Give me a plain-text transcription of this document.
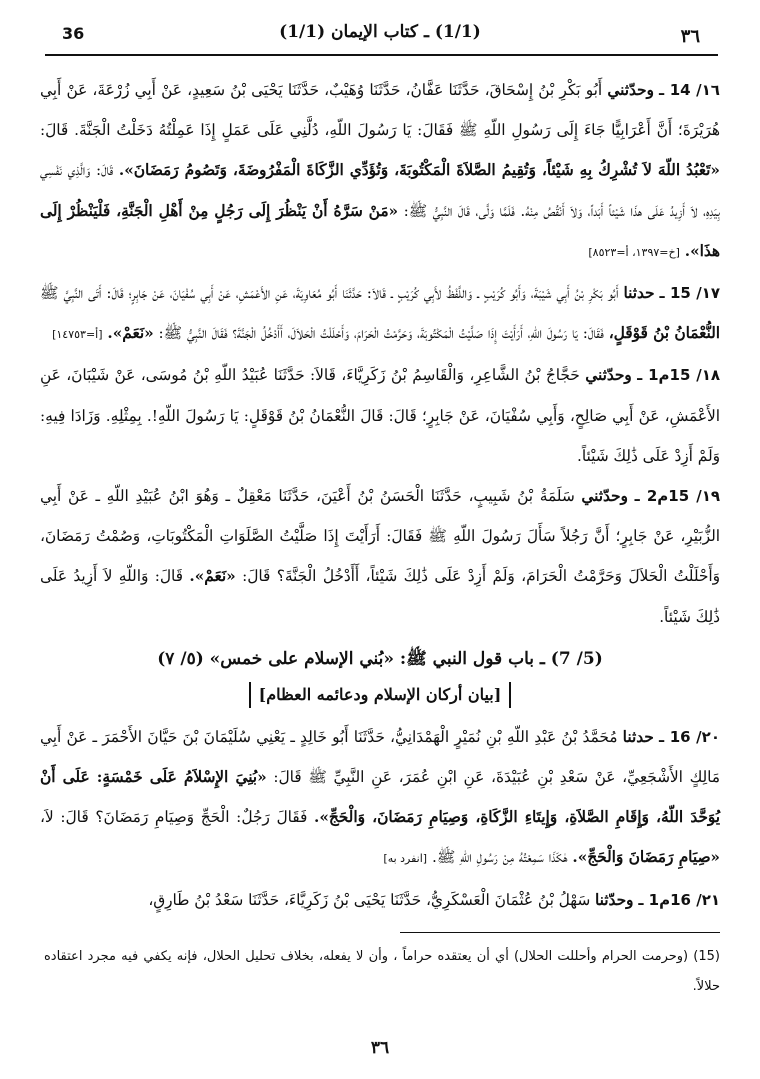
36	(1/1) ـ كتاب الإيمان (1/1)	٣٦

١٦/ 14 ـ وحدّثني أَبُو بَكْرِ بْنُ إِسْحَاقَ، حَدَّثَنَا عَفَّانُ، حَدَّثَنَا وُهَيْبٌ، حَدَّثَنَا يَحْيَى بْنُ سَعِيدٍ، عَنْ أَبِي زُرْعَةَ، عَنْ أَبِي هُرَيْرَةَ؛ أَنَّ أَعْرَابِيًّا جَاءَ إِلَى رَسُولِ اللّهِ ﷺ فَقَالَ: يَا رَسُولَ اللّهِ، دُلَّنِي عَلَى عَمَلٍ إِذَا عَمِلْتُهُ دَخَلْتُ الْجَنَّةَ. قَالَ: «تَعْبُدُ اللّهَ لاَ تُشْرِكُ بِهِ شَيْئاً، وَتُقِيمُ الصَّلاَةَ الْمَكْتُوبَةَ، وَتُؤَدِّي الزَّكَاةَ الْمَفْرُوضَةَ، وَتَصُومُ رَمَضَانَ». قَالَ: وَالَّذِي نَفْسِي بِيَدِهِ، لاَ أَزِيدُ عَلَى هذَا شَيْئاً أَبَداً، وَلاَ أَنْقُصُ مِنْهُ. فَلَمَّا وَلَّى، قَالَ النَّبِيُّ ﷺ: «مَنْ سَرَّهُ أَنْ يَنْظُرَ إِلَى رَجُلٍ مِنْ أَهْلِ الْجَنَّةِ، فَلْيَنْظُرْ إِلَى هذَا». [خ=١٣٩٧، أ=٨٥٢٣]

١٧/ 15 ـ حدثنا أَبُو بَكْرِ بْنُ أَبِي شَيْبَةَ، وَأَبُو كُرَيْبٍ ـ وَاللَّفْظُ لأَبِي كُرَيْبٍ ـ قَالاَ: حَدَّثَنَا أَبُو مُعَاوِيَةَ، عَنِ الأَعْمَشِ، عَنْ أَبِي سُفْيَانَ، عَنْ جَابِرٍ؛ قَالَ: أَتَى النَّبِيَّ ﷺ النُّعْمَانُ بْنُ قَوْقَلٍ، فَقَالَ: يَا رَسُولَ اللّهِ، أَرَأَيْتَ إِذَا صَلَّيْتُ الْمَكْتُوبَةَ، وَحَرَّمْتُ الْحَرَامَ، وَأَحْلَلْتُ الْحَلاَلَ، أَأَدْخُلُ الْجَنَّةَ؟ فَقَالَ النَّبِيُّ ﷺ: «نَعَمْ». [أ=١٤٧٥٣]

١٨/ 15م1 ـ وحدّثني حَجَّاجُ بْنُ الشَّاعِرِ، وَالْقَاسِمُ بْنُ زَكَرِيَّاءَ، قَالاَ: حَدَّثَنَا عُبَيْدُ اللّهِ بْنُ مُوسَى، عَنْ شَيْبَانَ، عَنِ الأَعْمَشِ، عَنْ أَبِي صَالِحٍ، وَأَبِي سُفْيَانَ، عَنْ جَابِرٍ؛ قَالَ: قَالَ النُّعْمَانُ بْنُ قَوْقَلٍ: يَا رَسُولَ اللّهِ!. بِمِثْلِهِ. وَزَادَا فِيهِ: وَلَمْ أَزِدْ عَلَى ذَٰلِكَ شَيْئاً.

١٩/ 15م2 ـ وحدّثني سَلَمَةُ بْنُ شَبِيبٍ، حَدَّثَنَا الْحَسَنُ بْنُ أَعْيَنَ، حَدَّثَنَا مَعْقِلٌ ـ وَهُوَ ابْنُ عُبَيْدِ اللّهِ ـ عَنْ أَبِي الزُّبَيْرِ، عَنْ جَابِرٍ؛ أَنَّ رَجُلاً سَأَلَ رَسُولَ اللّهِ ﷺ فَقَالَ: أَرَأَيْتَ إِذَا صَلَّيْتُ الصَّلَوَاتِ الْمَكْتُوبَاتِ، وَصُمْتُ رَمَضَانَ، وَأَحْلَلْتُ الْحَلاَلَ وَحَرَّمْتُ الْحَرَامَ، وَلَمْ أَزِدْ عَلَى ذَٰلِكَ شَيْئاً، أَأَدْخُلُ الْجَنَّةَ؟ قَالَ: «نَعَمْ». قَالَ: وَاللّهِ لاَ أَزِيدُ عَلَى ذَٰلِكَ شَيْئاً.

(5/ 7) ـ باب قول النبي ﷺ: «بُني الإسلام على خمس» (٥/ ٧)
[بيان أركان الإسلام ودعائمه العظام]

٢٠/ 16 ـ حدثنا مُحَمَّدُ بْنُ عَبْدِ اللّهِ بْنِ نُمَيْرٍ الْهَمْدَانِيُّ، حَدَّثَنَا أَبُو خَالِدٍ ـ يَعْنِي سُلَيْمَانَ بْنَ حَيَّانَ الأَحْمَرَ ـ عَنْ أَبِي مَالِكٍ الأَشْجَعِيِّ، عَنْ سَعْدِ بْنِ عُبَيْدَةَ، عَنِ ابْنِ عُمَرَ، عَنِ النَّبِيِّ ﷺ قَالَ: «بُنِيَ الإِسْلاَمُ عَلَى خَمْسَةٍ: عَلَى أَنْ يُوَحَّدَ اللّهُ، وَإِقَامِ الصَّلاَةِ، وَإِيتَاءِ الزَّكَاةِ، وَصِيَامِ رَمَضَانَ، وَالْحَجِّ». فَقَالَ رَجُلٌ: الْحَجِّ وَصِيَامِ رَمَضَانَ؟ قَالَ: لاَ، «صِيَامِ رَمَضَانَ وَالْحَجِّ». هٰكَذَا سَمِعْتُهُ مِنْ رَسُولِ اللّهِ ﷺ. [انفرد به]

٢١/ 16م1 ـ وحدّثنا سَهْلُ بْنُ عُثْمَانَ الْعَسْكَرِيُّ، حَدَّثَنَا يَحْيَى بْنُ زَكَرِيَّاءَ، حَدَّثَنَا سَعْدُ بْنُ طَارِقٍ،

(15) (وحرمت الحرام وأحللت الحلال) أي أن يعتقده حراماً ، وأن لا يفعله، بخلاف تحليل الحلال، فإنه يكفي فيه مجرد اعتقاده حلالاً.
٣٦
